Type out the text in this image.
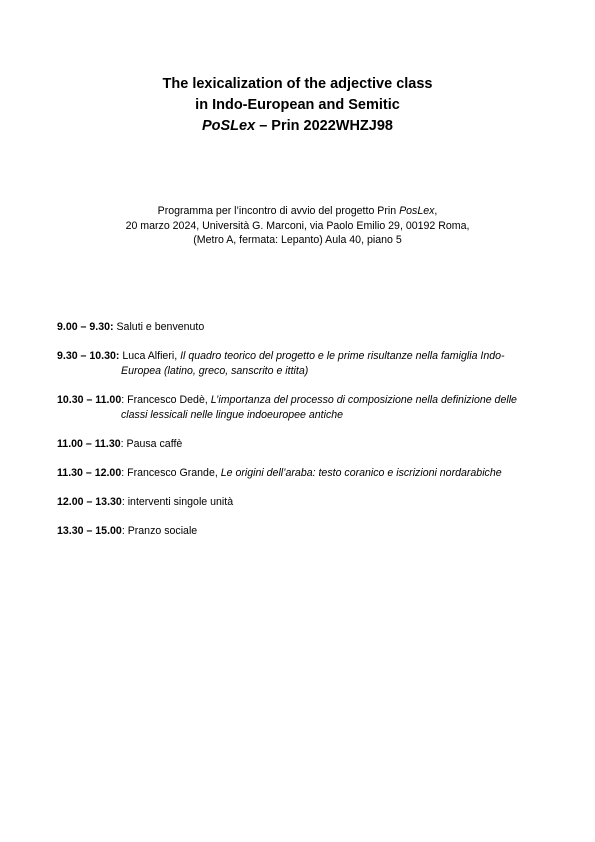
The lexicalization of the adjective class
in Indo-European and Semitic
PoSLex – Prin 2022WHZJ98
Programma per l’incontro di avvio del progetto Prin PosLex,
20 marzo 2024, Università G. Marconi, via Paolo Emilio 29, 00192 Roma,
(Metro A, fermata: Lepanto) Aula 40, piano 5

9.00 – 9.30: Saluti e benvenuto

9.30 – 10.30: Luca Alfieri, Il quadro teorico del progetto e le prime risultanze nella famiglia Indo-Europea (latino, greco, sanscrito e ittita)

10.30 – 11.00: Francesco Dedè, L’importanza del processo di composizione nella definizione delle classi lessicali nelle lingue indoeuropee antiche

11.00 – 11.30: Pausa caffè

11.30 – 12.00: Francesco Grande, Le origini dell’araba: testo coranico e iscrizioni nordarabiche

12.00 – 13.30: interventi singole unità

13.30 – 15.00: Pranzo sociale
